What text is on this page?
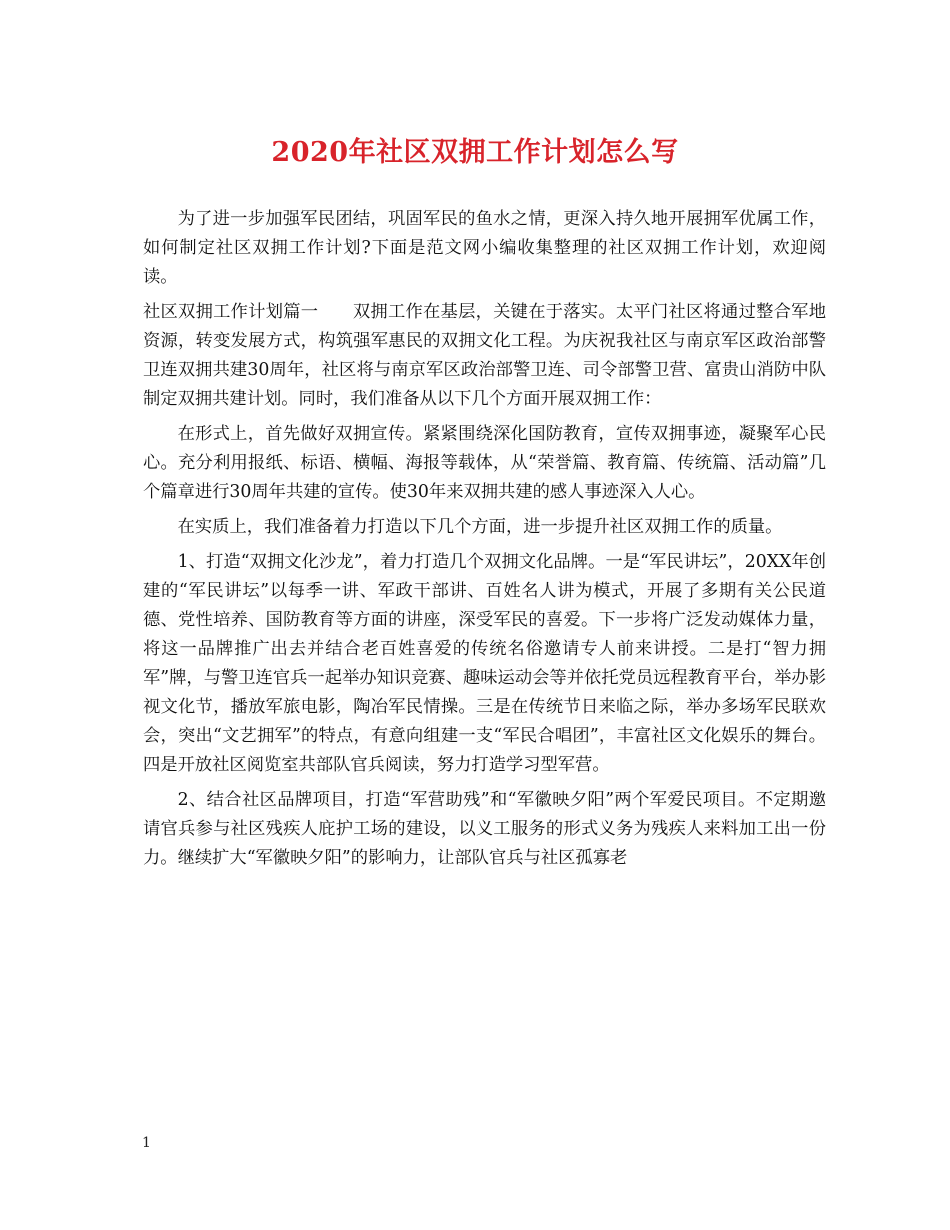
2020年社区双拥工作计划怎么写

为了进一步加强军民团结，巩固军民的鱼水之情，更深入持久地开展拥军优属工作，如何制定社区双拥工作计划?下面是范文网小编收集整理的社区双拥工作计划，欢迎阅读。

社区双拥工作计划篇一 双拥工作在基层，关键在于落实。太平门社区将通过整合军地资源，转变发展方式，构筑强军惠民的双拥文化工程。为庆祝我社区与南京军区政治部警卫连双拥共建30周年，社区将与南京军区政治部警卫连、司令部警卫营、富贵山消防中队制定双拥共建计划。同时，我们准备从以下几个方面开展双拥工作：

在形式上，首先做好双拥宣传。紧紧围绕深化国防教育，宣传双拥事迹，凝聚军心民心。充分利用报纸、标语、横幅、海报等载体，从“荣誉篇、教育篇、传统篇、活动篇”几个篇章进行30周年共建的宣传。使30年来双拥共建的感人事迹深入人心。

在实质上，我们准备着力打造以下几个方面，进一步提升社区双拥工作的质量。

1、打造“双拥文化沙龙”，着力打造几个双拥文化品牌。一是“军民讲坛”，20XX年创建的“军民讲坛”以每季一讲、军政干部讲、百姓名人讲为模式，开展了多期有关公民道德、党性培养、国防教育等方面的讲座，深受军民的喜爱。下一步将广泛发动媒体力量，将这一品牌推广出去并结合老百姓喜爱的传统名俗邀请专人前来讲授。二是打“智力拥军”牌，与警卫连官兵一起举办知识竞赛、趣味运动会等并依托党员远程教育平台，举办影视文化节，播放军旅电影，陶冶军民情操。三是在传统节日来临之际，举办多场军民联欢会，突出“文艺拥军”的特点，有意向组建一支“军民合唱团”，丰富社区文化娱乐的舞台。四是开放社区阅览室共部队官兵阅读，努力打造学习型军营。

2、结合社区品牌项目，打造“军营助残”和“军徽映夕阳”两个军爱民项目。不定期邀请官兵参与社区残疾人庇护工场的建设，以义工服务的形式义务为残疾人来料加工出一份力。继续扩大“军徽映夕阳”的影响力，让部队官兵与社区孤寡老

1
